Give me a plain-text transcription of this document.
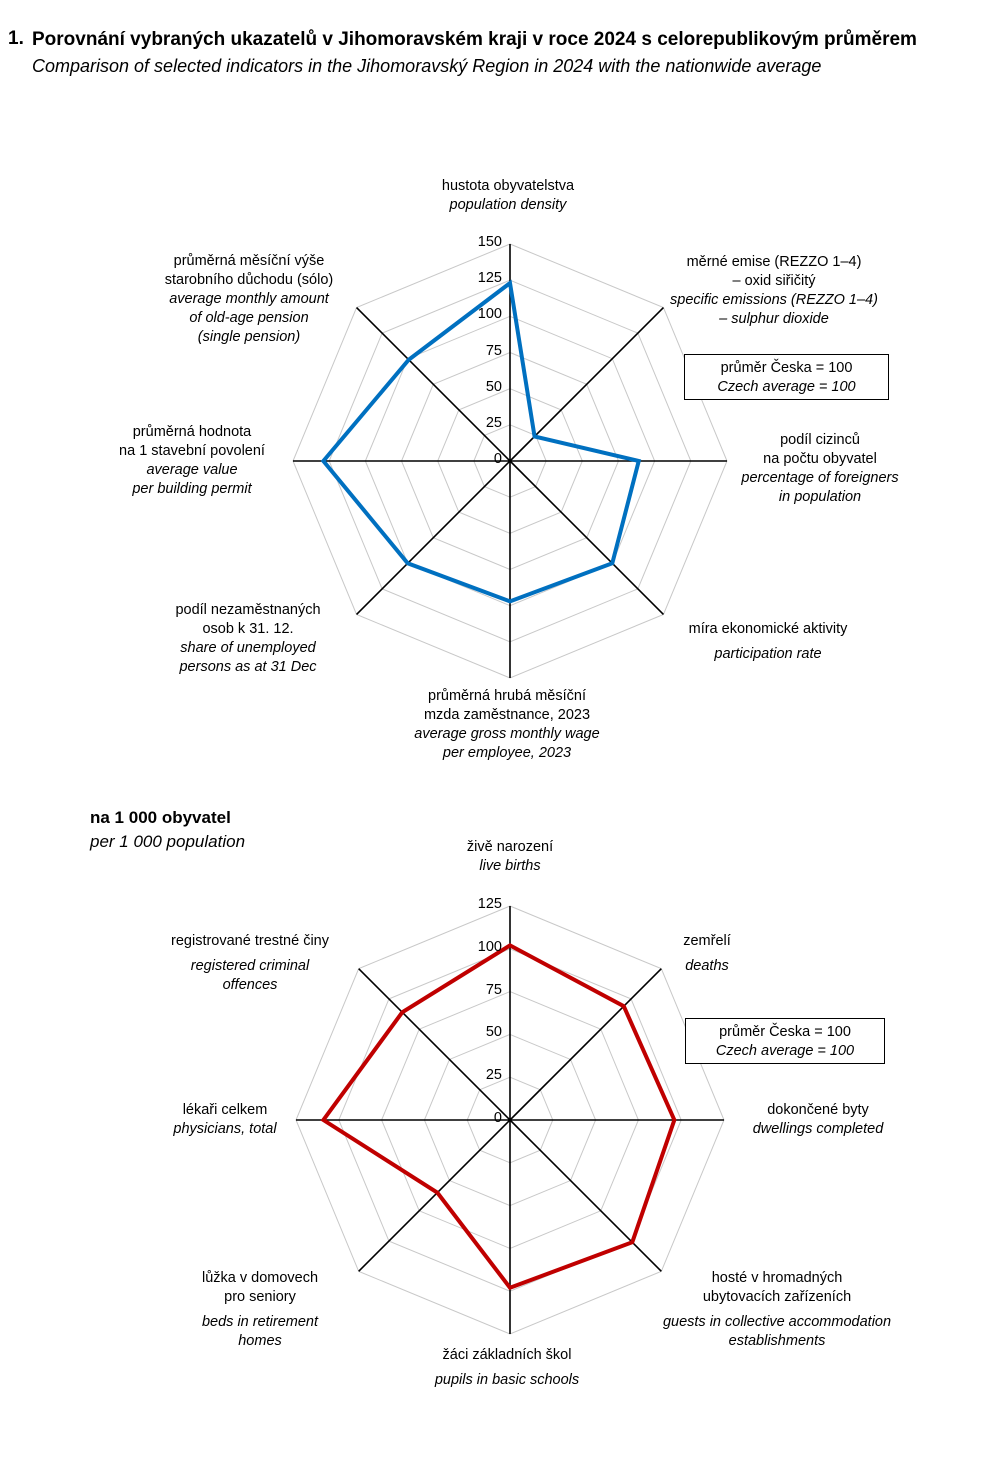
1. Porovnání vybraných ukazatelů v Jihomoravském kraji v roce 2024 s celorepublikovým průměrem
Comparison of selected indicators in the Jihomoravský Region in 2024 with the nationwide average
na 1 000 obyvatel
per 1 000 population
0
25
50
75
100
125
150
hustota obyvatelstva
population density
měrné emise (REZZO 1–4)
– oxid siřičitý
specific emissions (REZZO 1–4)
– sulphur dioxide
podíl cizinců
na počtu obyvatel
percentage of foreigners
in population
míra ekonomické aktivity
participation rate
průměrná hrubá měsíční
mzda zaměstnance, 2023
average gross monthly wage
per employee, 2023
podíl nezaměstnaných
osob k 31. 12.
share of unemployed
persons as at 31 Dec
průměrná hodnota
na 1 stavební povolení
average value
per building permit
průměrná měsíční výše
starobního důchodu (sólo)
average monthly amount
of old-age pension
(single pension)
průměr Česka = 100
Czech average = 100
0
25
50
75
100
125
živě narození
live births
zemřelí
deaths
dokončené byty
dwellings completed
hosté v hromadných
ubytovacích zařízeních
guests in collective accommodation
establishments
žáci základních škol
pupils in basic schools
lůžka v domovech
pro seniory
beds in retirement
homes
lékaři celkem
physicians, total
registrované trestné činy
registered criminal
offences
průměr Česka = 100
Czech average = 100
